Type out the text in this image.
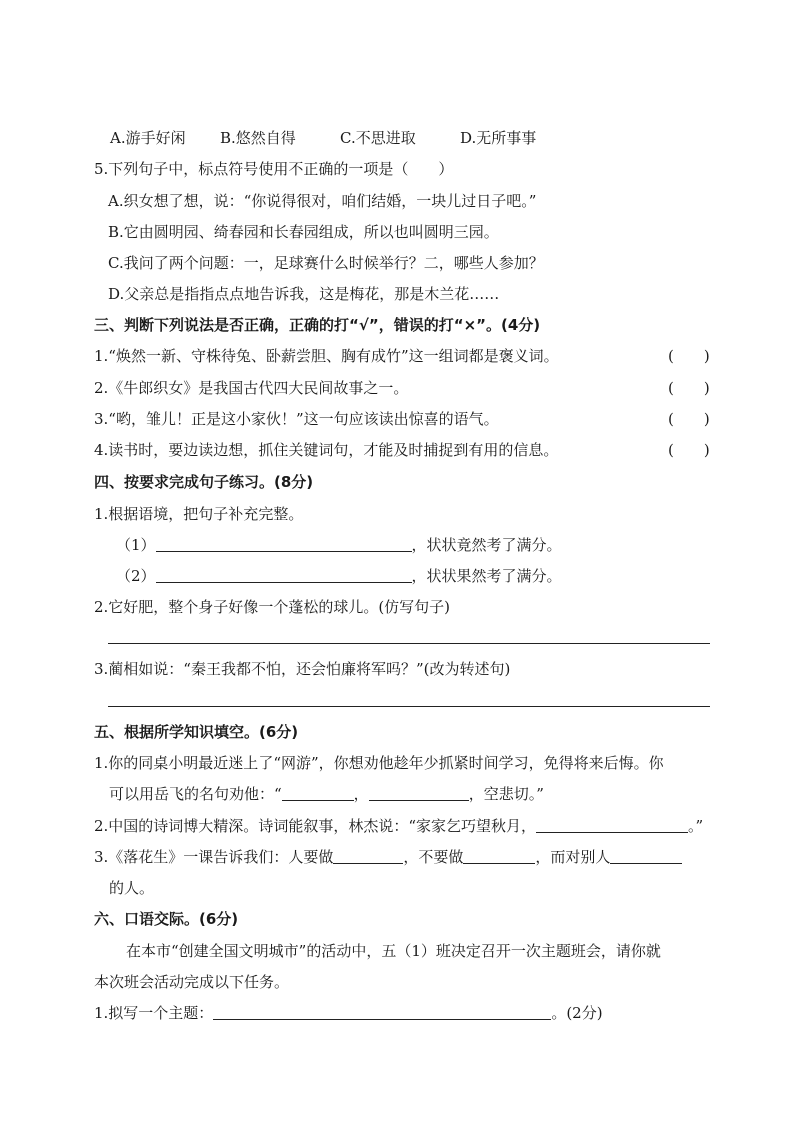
A.游手好闲 B.悠然自得	C.不思进取	D.无所事事
5.下列句子中，标点符号使用不正确的一项是（　　）
A.织女想了想，说：“你说得很对，咱们结婚，一块儿过日子吧。”
B.它由圆明园、绮春园和长春园组成，所以也叫圆明三园。
C.我问了两个问题：一，足球赛什么时候举行？二，哪些人参加？
D.父亲总是指指点点地告诉我，这是梅花，那是木兰花……
三、判断下列说法是否正确，正确的打“√”，错误的打“×”。(4分)
1.“焕然一新、守株待兔、卧薪尝胆、胸有成竹”这一组词都是褒义词。	(　　)
2.《牛郎织女》是我国古代四大民间故事之一。	(　　)
3.“哟，雏儿！正是这小家伙！”这一句应该读出惊喜的语气。	(　　)
4.读书时，要边读边想，抓住关键词句，才能及时捕捉到有用的信息。	(　　)
四、按要求完成句子练习。(8分)
1.根据语境，把句子补充完整。
（1）	，状状竟然考了满分。
（2）	，状状果然考了满分。
2.它好肥，整个身子好像一个蓬松的球儿。(仿写句子)
3.蔺相如说：“秦王我都不怕，还会怕廉将军吗？”(改为转述句)
五、根据所学知识填空。(6分)
1.你的同桌小明最近迷上了“网游”，你想劝他趁年少抓紧时间学习，免得将来后悔。你
可以用岳飞的名句劝他：“	，	，空悲切。”
2.中国的诗词博大精深。诗词能叙事，林杰说：“家家乞巧望秋月，	。”
3.《落花生》一课告诉我们：人要做	，不要做	，而对别人
的人。
六、口语交际。(6分)
在本市“创建全国文明城市”的活动中，五（1）班决定召开一次主题班会，请你就
本次班会活动完成以下任务。
1.拟写一个主题：	。(2分)
